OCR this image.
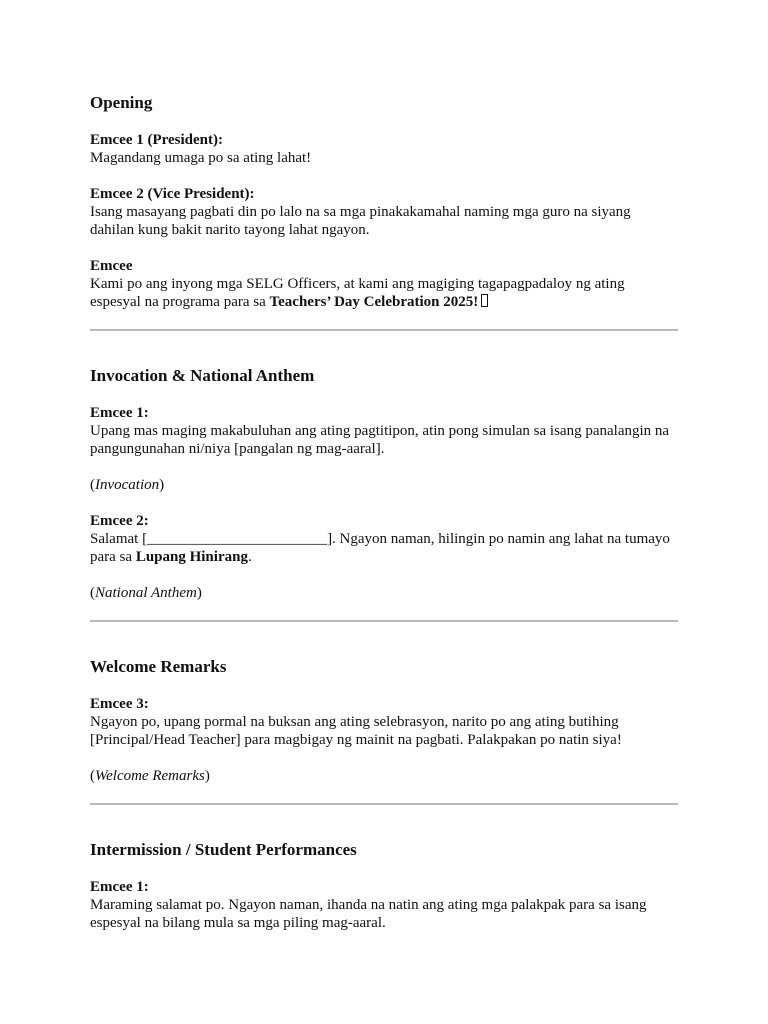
Opening

Emcee 1 (President):

Magandang umaga po sa ating lahat!

Emcee 2 (Vice President):

Isang masayang pagbati din po lalo na sa mga pinakakamahal naming mga guro na siyang dahilan kung bakit narito tayong lahat ngayon.

Emcee

Kami po ang inyong mga SELG Officers, at kami ang magiging tagapagpadaloy ng ating espesyal na programa para sa Teachers’ Day Celebration 2025!

Invocation & National Anthem

Emcee 1:

Upang mas maging makabuluhan ang ating pagtitipon, atin pong simulan sa isang panalangin na pangungunahan ni/niya [pangalan ng mag-aaral].

(Invocation)

Emcee 2:

Salamat [________________________]. Ngayon naman, hilingin po namin ang lahat na tumayo para sa Lupang Hinirang.

(National Anthem)

Welcome Remarks

Emcee 3:

Ngayon po, upang pormal na buksan ang ating selebrasyon, narito po ang ating butihing [Principal/Head Teacher] para magbigay ng mainit na pagbati. Palakpakan po natin siya!

(Welcome Remarks)

Intermission / Student Performances

Emcee 1:

Maraming salamat po. Ngayon naman, ihanda na natin ang ating mga palakpak para sa isang espesyal na bilang mula sa mga piling mag-aaral.
